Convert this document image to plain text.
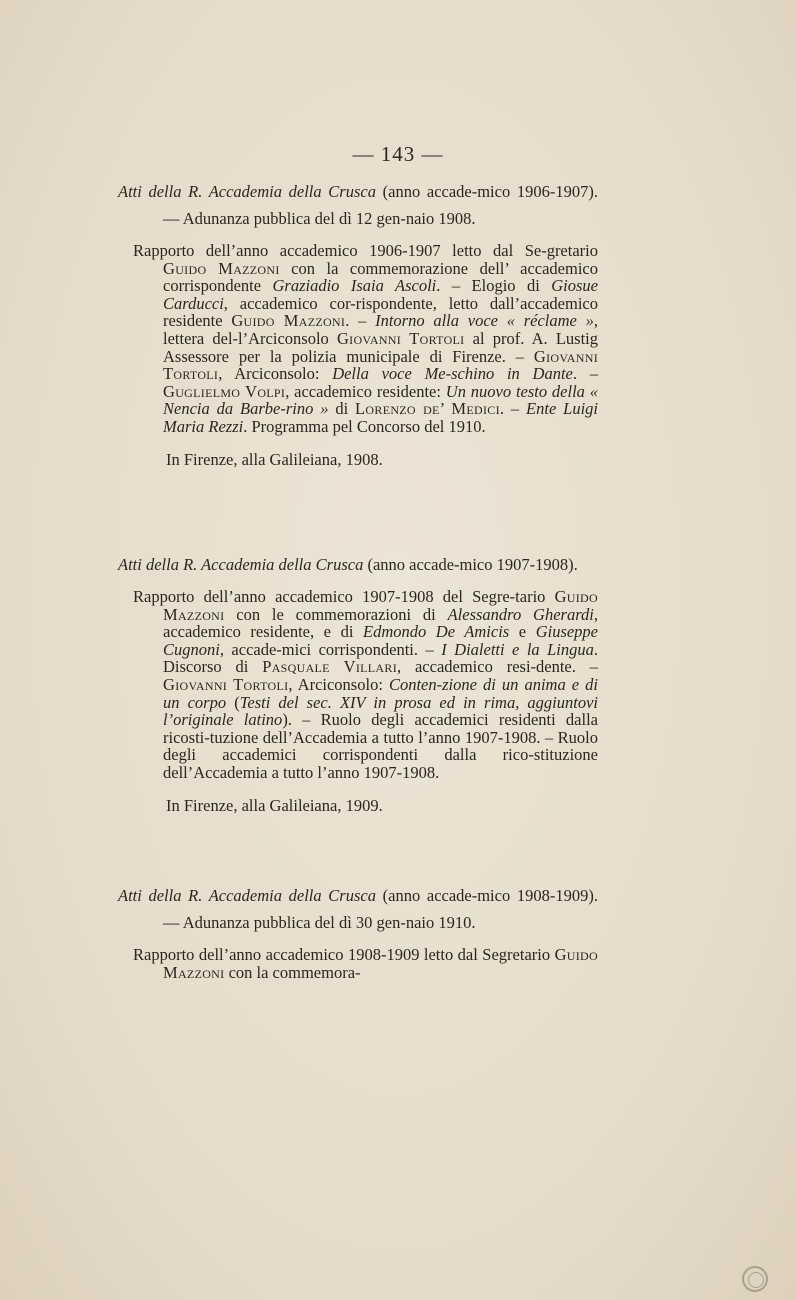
— 143 —
Atti della R. Accademia della Crusca (anno accade-mico 1906-1907). — Adunanza pubblica del dì 12 gen-naio 1908.
Rapporto dell’anno accademico 1906-1907 letto dal Se-gretario Guido Mazzoni con la commemorazione dell’ accademico corrispondente Graziadio Isaia Ascoli. – Elogio di Giosue Carducci, accademico cor-rispondente, letto dall’accademico residente Guido Mazzoni. – Intorno alla voce « réclame », lettera del-l’Arciconsolo Giovanni Tortoli al prof. A. Lustig Assessore per la polizia municipale di Firenze. – Giovanni Tortoli, Arciconsolo: Della voce Me-schino in Dante. – Guglielmo Volpi, accademico residente: Un nuovo testo della « Nencia da Barbe-rino » di Lorenzo de’ Medici. – Ente Luigi Maria Rezzi. Programma pel Concorso del 1910.
In Firenze, alla Galileiana, 1908.
Atti della R. Accademia della Crusca (anno accade-mico 1907-1908).
Rapporto dell’anno accademico 1907-1908 del Segre-tario Guido Mazzoni con le commemorazioni di Alessandro Gherardi, accademico residente, e di Edmondo De Amicis e Giuseppe Cugnoni, accade-mici corrispondenti. – I Dialetti e la Lingua. Discorso di Pasquale Villari, accademico resi-dente. – Giovanni Tortoli, Arciconsolo: Conten-zione di un anima e di un corpo (Testi del sec. XIV in prosa ed in rima, aggiuntovi l’originale latino). – Ruolo degli accademici residenti dalla ricosti-tuzione dell’Accademia a tutto l’anno 1907-1908. – Ruolo degli accademici corrispondenti dalla rico-stituzione dell’Accademia a tutto l’anno 1907-1908.
In Firenze, alla Galileiana, 1909.
Atti della R. Accademia della Crusca (anno accade-mico 1908-1909). — Adunanza pubblica del dì 30 gen-naio 1910.
Rapporto dell’anno accademico 1908-1909 letto dal Segretario Guido Mazzoni con la commemora-
